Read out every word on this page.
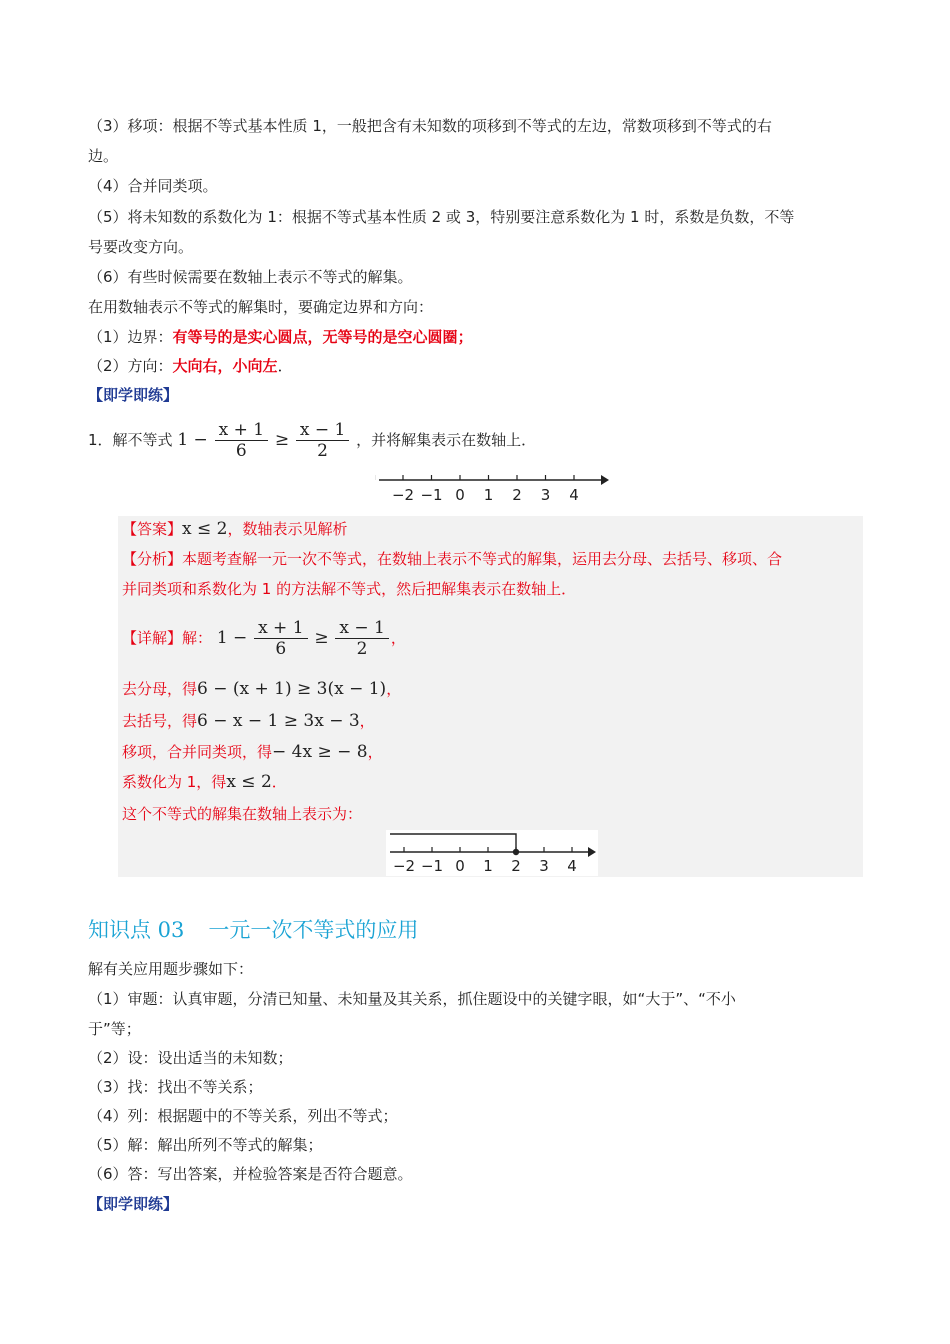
（3）移项：根据不等式基本性质 1，一般把含有未知数的项移到不等式的左边，常数项移到不等式的右
边。
（4）合并同类项。
（5）将未知数的系数化为 1：根据不等式基本性质 2 或 3，特别要注意系数化为 1 时，系数是负数，不等
号要改变方向。
（6）有些时候需要在数轴上表示不等式的解集。
在用数轴表示不等式的解集时，要确定边界和方向：
（1）边界：有等号的是实心圆点，无等号的是空心圆圈；
（2）方向：大向右，小向左．
【即学即练】
1．解不等式 $1 - \frac{x + 1}{6} \ge \frac{x - 1}{2}$ ，并将解集表示在数轴上．
−2 −1 0 1 2 3 4
【答案】x ≤ 2，数轴表示见解析
【分析】本题考查解一元一次不等式，在数轴上表示不等式的解集，运用去分母、去括号、移项、合
并同类项和系数化为 1 的方法解不等式，然后把解集表示在数轴上．
【详解】解： $1 - \frac{x + 1}{6} \ge \frac{x - 1}{2}$ ，
去分母，得6 − (x + 1) ≥ 3(x − 1)，
去括号，得6 − x − 1 ≥ 3x − 3，
移项，合并同类项，得− 4x ≥ − 8，
系数化为 1，得x ≤ 2．
这个不等式的解集在数轴上表示为：
−2 −1 0 1 2 3 4
知识点 03 一元一次不等式的应用
解有关应用题步骤如下：
（1）审题：认真审题，分清已知量、未知量及其关系，抓住题设中的关键字眼，如“大于”、“不小
于”等；
（2）设：设出适当的未知数；
（3）找：找出不等关系；
（4）列：根据题中的不等关系，列出不等式；
（5）解：解出所列不等式的解集；
（6）答：写出答案，并检验答案是否符合题意。
【即学即练】
